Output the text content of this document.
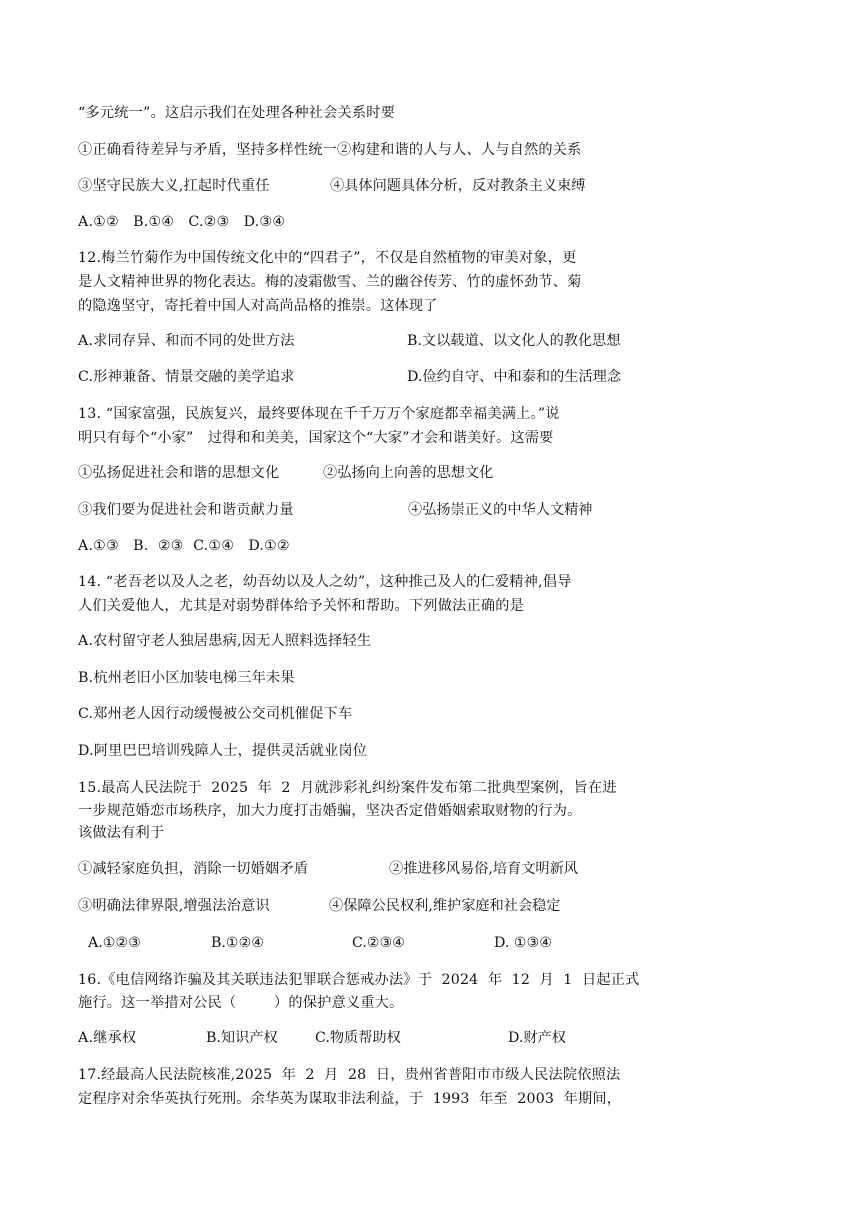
“多元统一”。这启示我们在处理各种社会关系时要
①正确看待差异与矛盾，坚持多样性统一②构建和谐的人与人、人与自然的关系
③坚守民族大义,扛起时代重任	④具体问题具体分析，反对教条主义束缚
A.①②   B.①④   C.②③   D.③④
12.梅兰竹菊作为中国传统文化中的“四君子”，不仅是自然植物的审美对象，更
是人文精神世界的物化表达。梅的凌霜傲雪、兰的幽谷传芳、竹的虚怀劲节、菊
的隐逸坚守，寄托着中国人对高尚品格的推崇。这体现了
A.求同存异、和而不同的处世方法	B.文以载道、以文化人的教化思想
C.形神兼备、情景交融的美学追求	D.俭约自守、中和泰和的生活理念
13. “国家富强，民族复兴，最终要体现在千千万万个家庭都幸福美满上。”说
明只有每个“小家”   过得和和美美，国家这个“大家”才会和谐美好。这需要
①弘扬促进社会和谐的思想文化	②弘扬向上向善的思想文化
③我们要为促进社会和谐贡献力量	④弘扬崇正义的中华人文精神
A.①③   B.  ②③  C.①④   D.①②
14. “老吾老以及人之老，幼吾幼以及人之幼”，这种推己及人的仁爱精神,倡导
人们关爱他人，尤其是对弱势群体给予关怀和帮助。下列做法正确的是
A.农村留守老人独居患病,因无人照料选择轻生
B.杭州老旧小区加装电梯三年未果
C.郑州老人因行动缓慢被公交司机催促下车
D.阿里巴巴培训残障人士，提供灵活就业岗位
15.最高人民法院于  2025  年  2  月就涉彩礼纠纷案件发布第二批典型案例，旨在进
一步规范婚恋市场秩序，加大力度打击婚骗，坚决否定借婚姻索取财物的行为。
该做法有利于
①减轻家庭负担，消除一切婚姻矛盾	②推进移风易俗,培育文明新风
③明确法律界限,增强法治意识	④保障公民权利,维护家庭和社会稳定
A.①②③	B.①②④	C.②③④	D. ①③④
16.《电信网络诈骗及其关联违法犯罪联合惩戒办法》于  2024  年  12  月  1  日起正式
施行。这一举措对公民（        ）的保护意义重大。
A.继承权	B.知识产权	C.物质帮助权	D.财产权
17.经最高人民法院核准,2025  年  2  月  28  日，贵州省普阳市市级人民法院依照法
定程序对余华英执行死刑。余华英为谋取非法利益，于  1993  年至  2003  年期间，
